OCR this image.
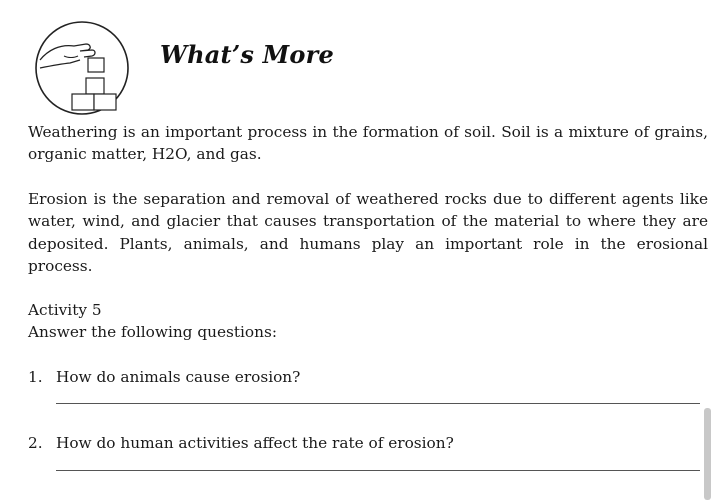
What’s More

Weathering is an important process in the formation of soil. Soil is a mixture of grains, organic matter, H2O, and gas.

Erosion is the separation and removal of weathered rocks due to different agents like water, wind, and glacier that causes transportation of the material to where they are deposited. Plants, animals, and humans play an important role in the erosional process.

Activity 5
Answer the following questions:
1. How do animals cause erosion?
2. How do human activities affect the rate of erosion?
